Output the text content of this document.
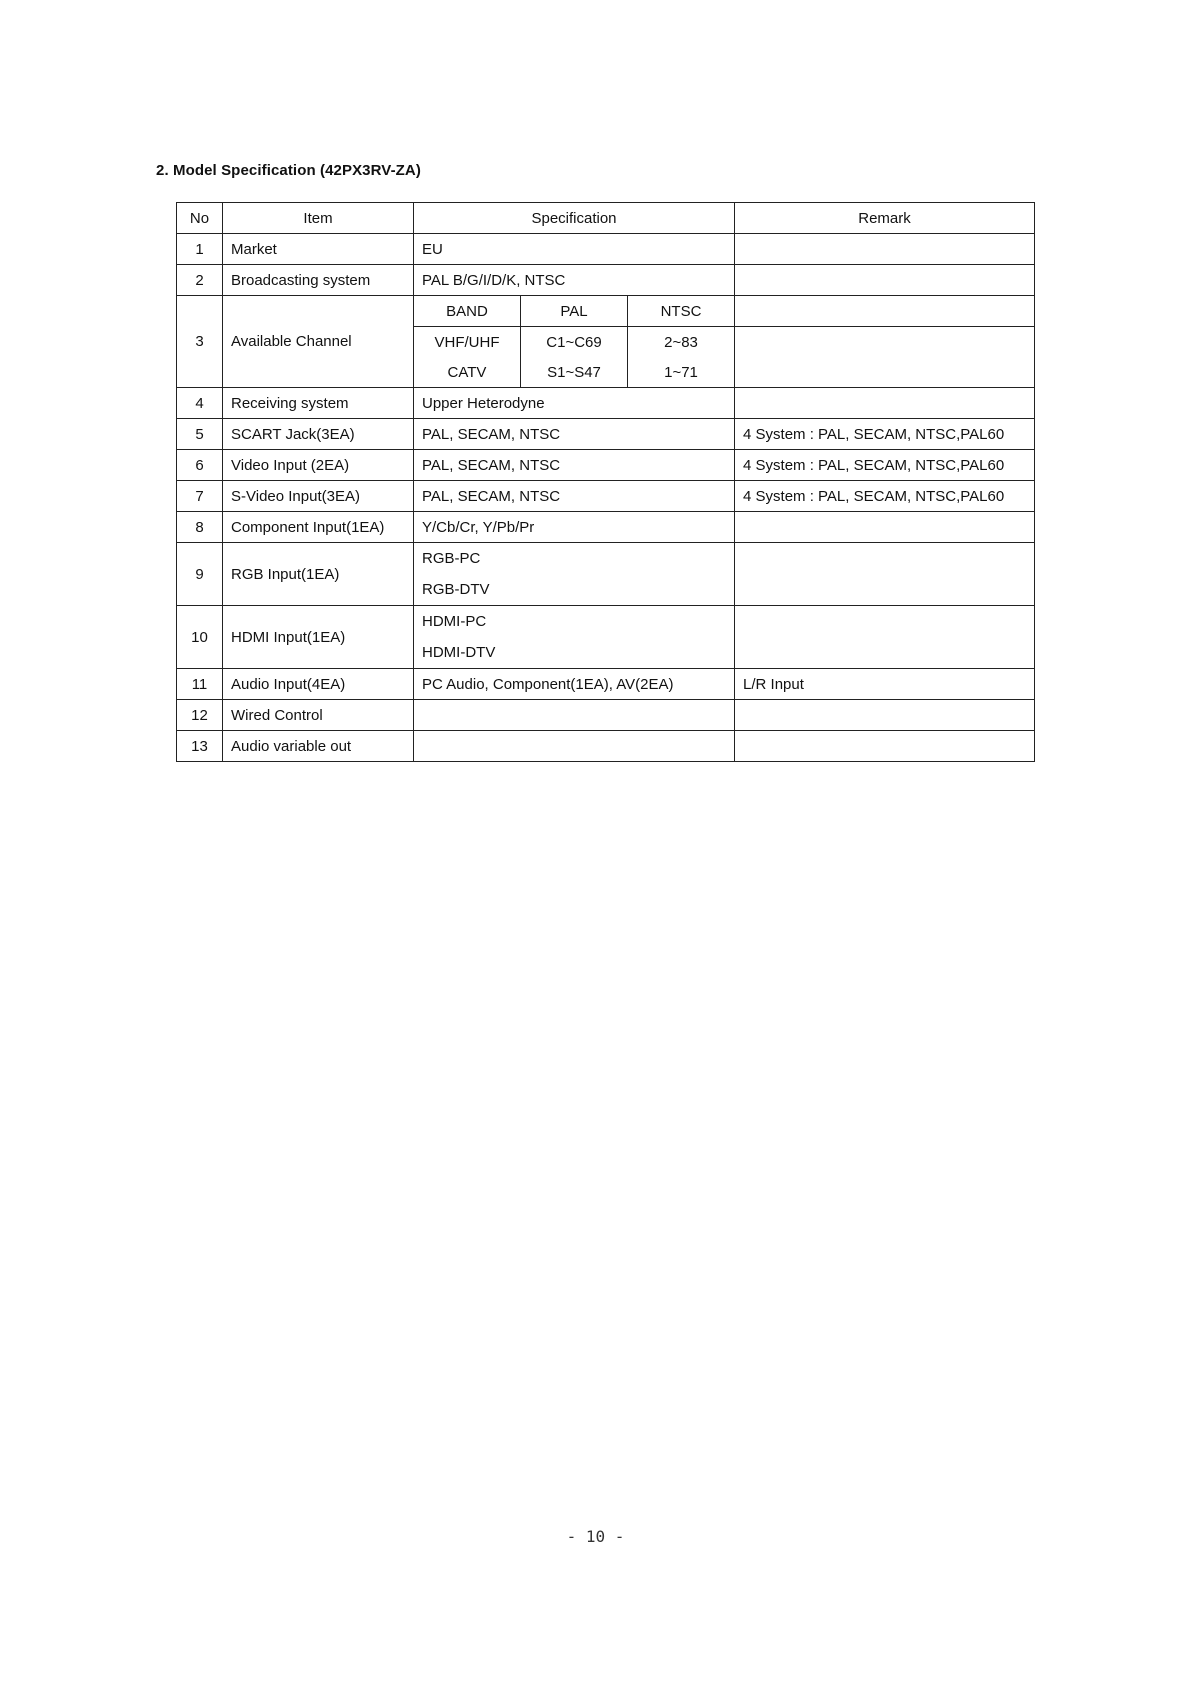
2. Model Specification (42PX3RV-ZA)
No	Item	Specification			Remark
1	Market	EU			
2	Broadcasting system	PAL B/G/I/D/K, NTSC			
3	Available Channel	BAND	PAL	NTSC	
		VHF/UHF	C1~C69	2~83	
		CATV	S1~S47	1~71	
4	Receiving system	Upper Heterodyne			
5	SCART Jack(3EA)	PAL, SECAM, NTSC			4 System : PAL, SECAM, NTSC,PAL60
6	Video Input (2EA)	PAL, SECAM, NTSC			4 System : PAL, SECAM, NTSC,PAL60
7	S-Video Input(3EA)	PAL, SECAM, NTSC			4 System : PAL, SECAM, NTSC,PAL60
8	Component Input(1EA)	Y/Cb/Cr, Y/Pb/Pr			
9	RGB Input(1EA)	RGB-PC
RGB-DTV			

10	HDMI Input(1EA)	HDMI-PC
HDMI-DTV			

11	Audio Input(4EA)	PC Audio, Component(1EA), AV(2EA)			L/R Input
12	Wired Control				
13	Audio variable out				
- 10 -
